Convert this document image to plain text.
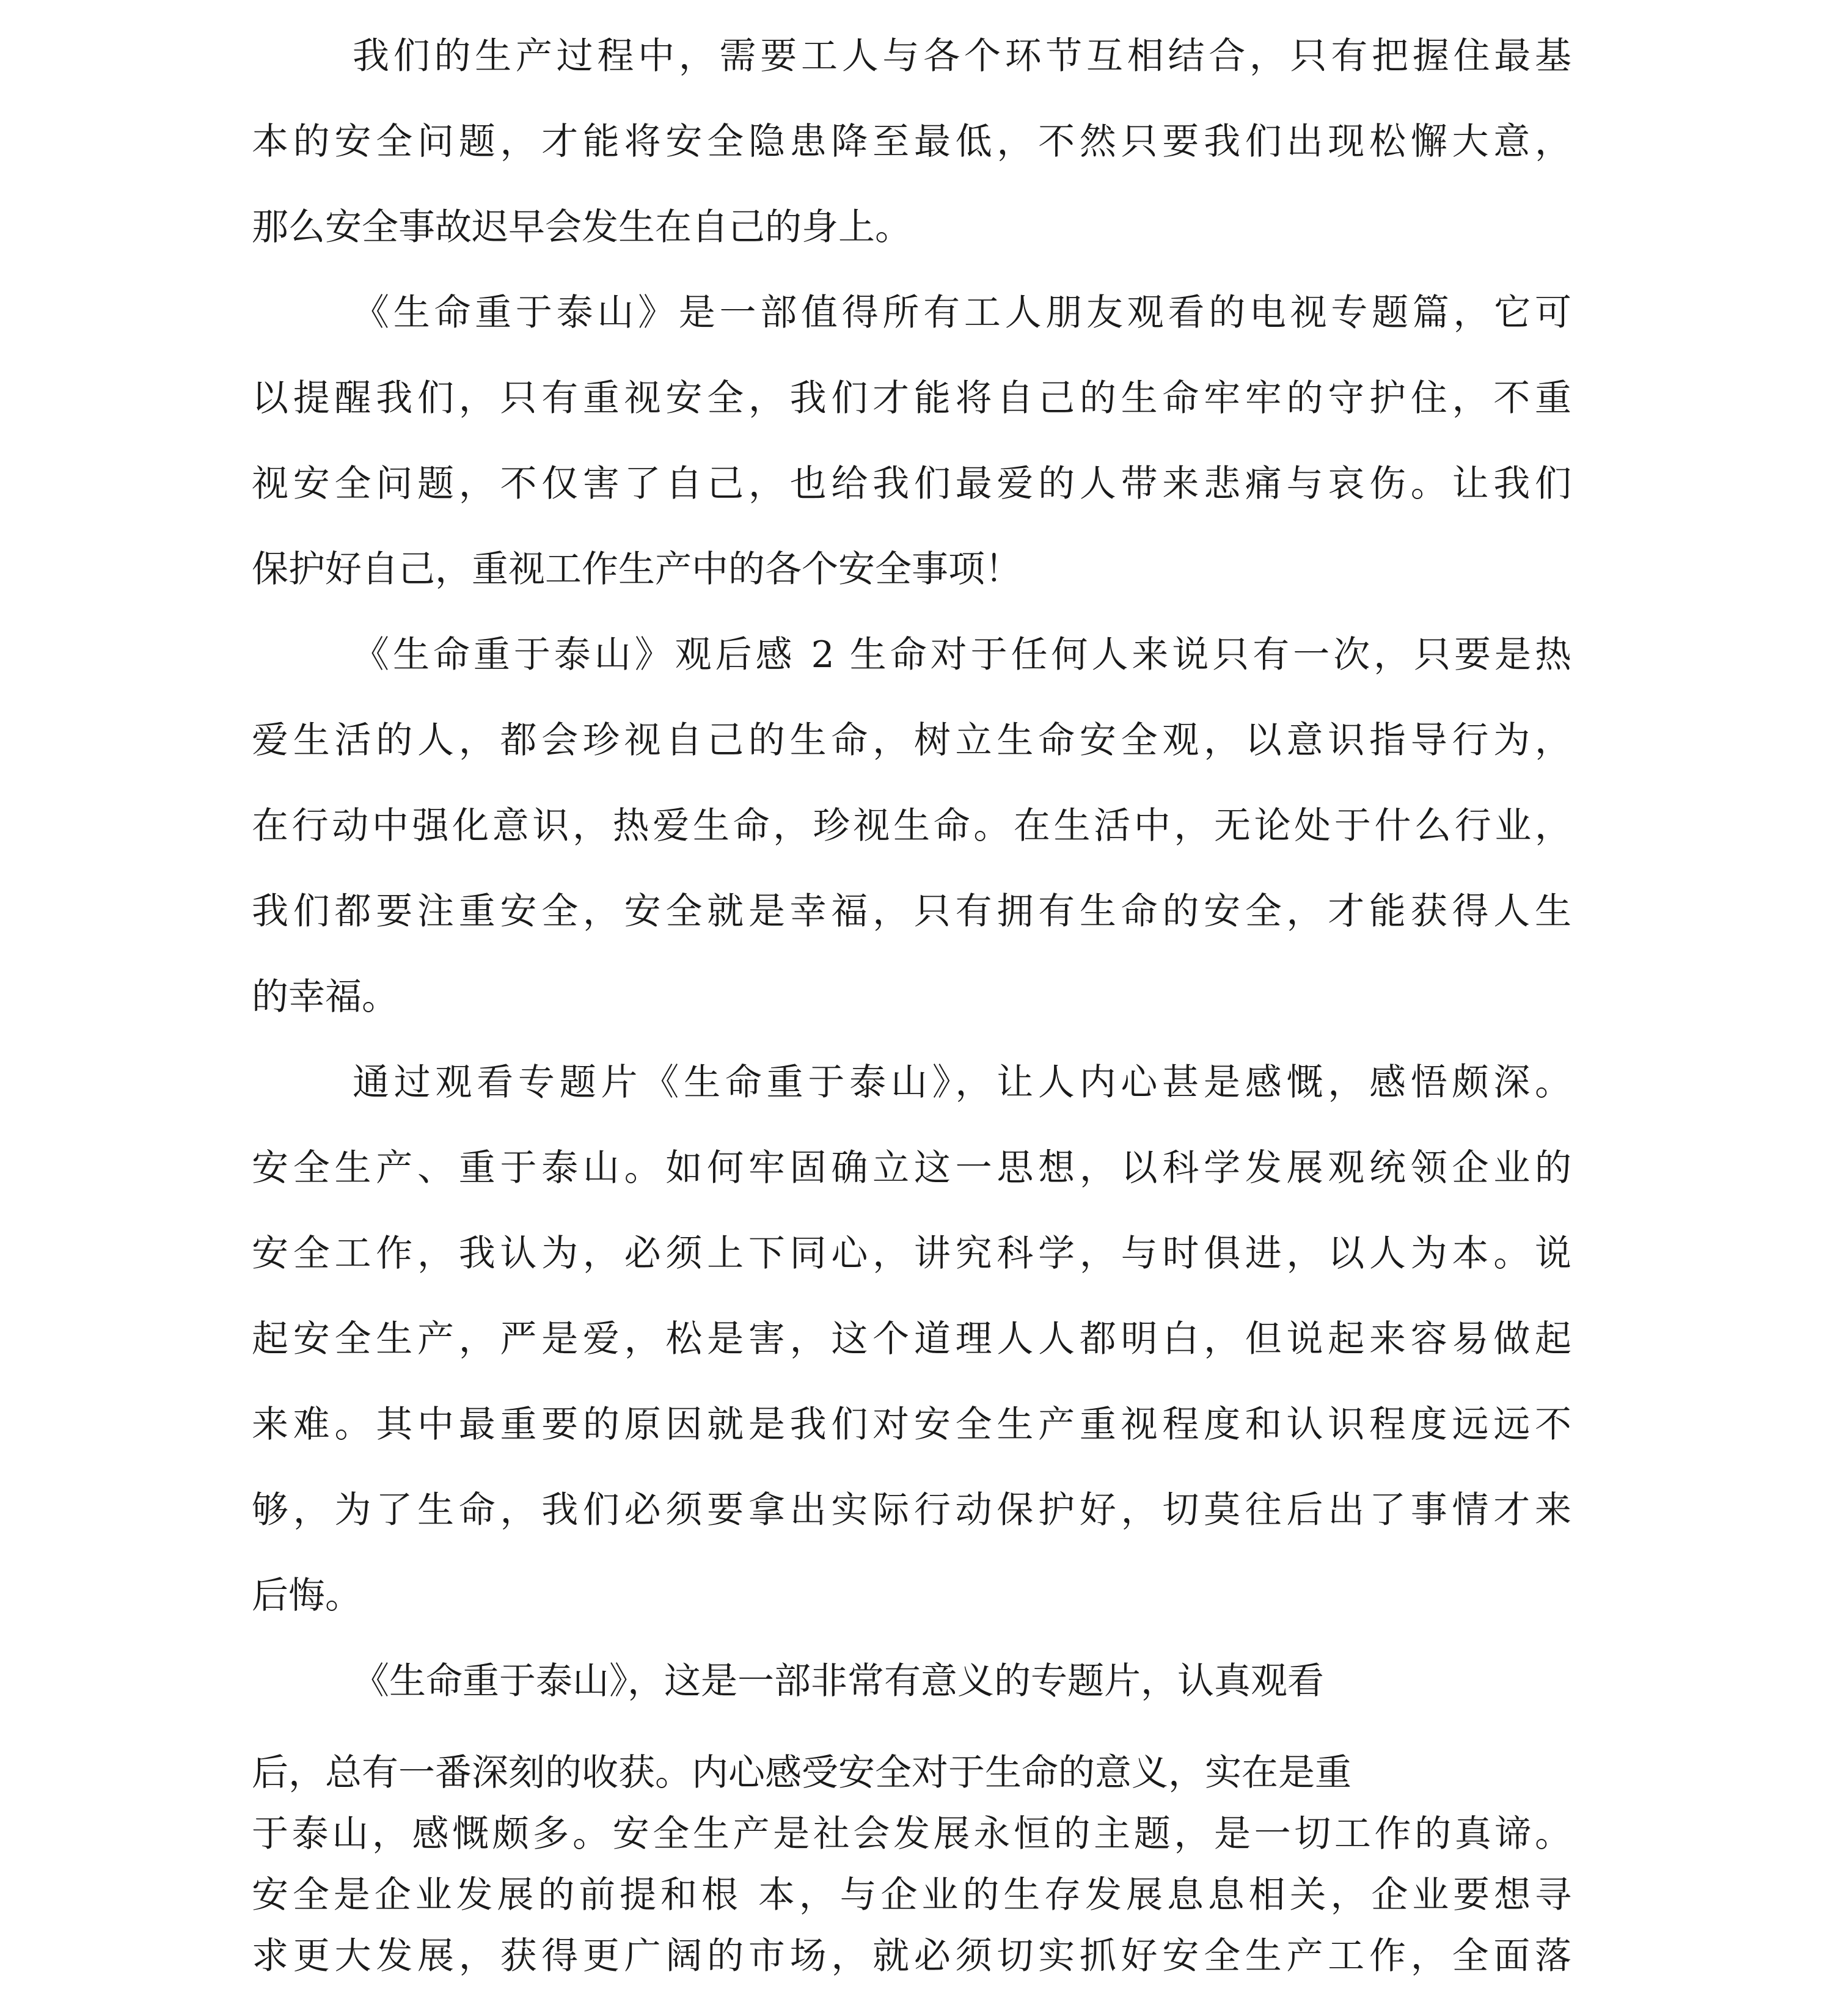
我们的生产过程中，需要工人与各个环节互相结合，只有把握住最基
本的安全问题，才能将安全隐患降至最低，不然只要我们出现松懈大意，
那么安全事故迟早会发生在自己的身上。
《生命重于泰山》是一部值得所有工人朋友观看的电视专题篇，它可
以提醒我们，只有重视安全，我们才能将自己的生命牢牢的守护住，不重
视安全问题，不仅害了自己，也给我们最爱的人带来悲痛与哀伤。让我们
保护好自己，重视工作生产中的各个安全事项！
《生命重于泰山》观后感 2 生命对于任何人来说只有一次，只要是热
爱生活的人，都会珍视自己的生命，树立生命安全观，以意识指导行为，
在行动中强化意识，热爱生命，珍视生命。在生活中，无论处于什么行业，
我们都要注重安全，安全就是幸福，只有拥有生命的安全，才能获得人生
的幸福。
通过观看专题片《生命重于泰山》，让人内心甚是感慨，感悟颇深。
安全生产、重于泰山。如何牢固确立这一思想，以科学发展观统领企业的
安全工作，我认为，必须上下同心，讲究科学，与时俱进，以人为本。说
起安全生产，严是爱，松是害，这个道理人人都明白，但说起来容易做起
来难。其中最重要的原因就是我们对安全生产重视程度和认识程度远远不
够，为了生命，我们必须要拿出实际行动保护好，切莫往后出了事情才来
后悔。
《生命重于泰山》，这是一部非常有意义的专题片，认真观看
后，总有一番深刻的收获。内心感受安全对于生命的意义，实在是重
于泰山，感慨颇多。安全生产是社会发展永恒的主题，是一切工作的真谛。
安全是企业发展的前提和根 本，与企业的生存发展息息相关，企业要想寻
求更大发展，获得更广阔的市场，就必须切实抓好安全生产工作，全面落
